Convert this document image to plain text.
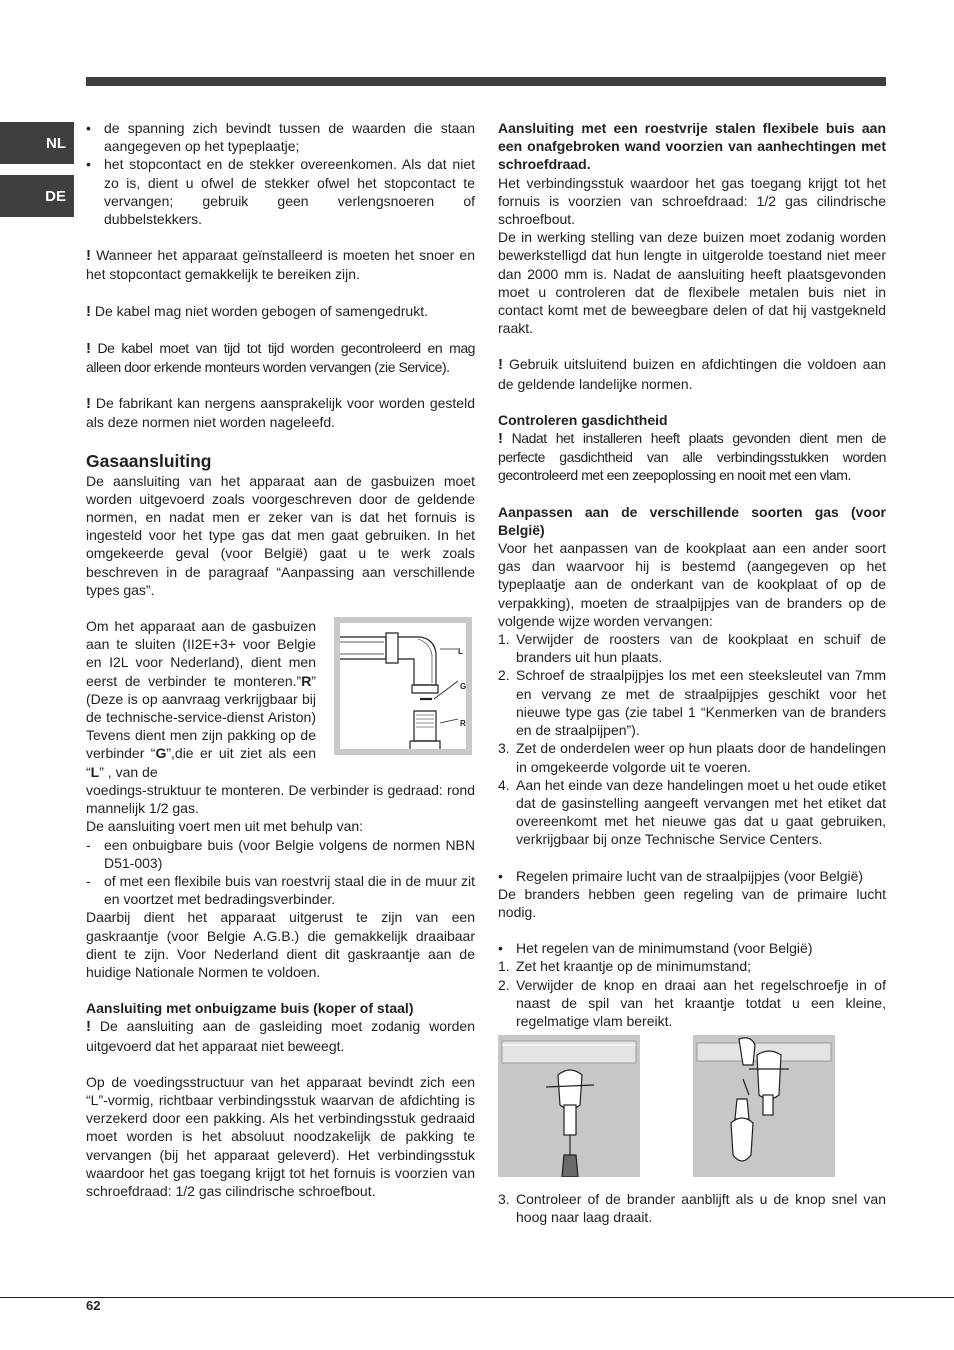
NL
DE
• de spanning zich bevindt tussen de waarden die staan aangegeven op het typeplaatje;
• het stopcontact en de stekker overeenkomen. Als dat niet zo is, dient u ofwel de stekker ofwel het stopcontact te vervangen; gebruik geen verlengsnoeren of dubbelstekkers.

! Wanneer het apparaat geïnstalleerd is moeten het snoer en het stopcontact gemakkelijk te bereiken zijn.

! De kabel mag niet worden gebogen of samengedrukt.

! De kabel moet van tijd tot tijd worden gecontroleerd en mag alleen door erkende monteurs worden vervangen (zie Service).

! De fabrikant kan nergens aansprakelijk voor worden gesteld als deze normen niet worden nageleefd.

Gasaansluiting

De aansluiting van het apparaat aan de gasbuizen moet worden uitgevoerd zoals voorgeschreven door de geldende normen, en nadat men er zeker van is dat het fornuis is ingesteld voor het type gas dat men gaat gebruiken. In het omgekeerde geval (voor België) gaat u te werk zoals beschreven in de paragraaf “Aanpassing aan verschillende types gas”.

Om het apparaat aan de gasbuizen aan te sluiten (II2E+3+ voor Belgie en I2L voor Nederland), dient men eerst de verbinder te monteren.”R” (Deze is op aanvraag verkrijgbaar bij de technische-service-dienst Ariston) Tevens dient men zijn pakking op de verbinder “G”,die er uit ziet als een “L” , van de
L
G
R

voedings-struktuur te monteren. De verbinder is gedraad: rond mannelijk 1/2 gas.

De aansluiting voert men uit met behulp van:

- een onbuigbare buis (voor Belgie volgens de normen NBN D51-003)
- of met een flexibile buis van roestvrij staal die in de muur zit en voortzet met bedradingsverbinder.

Daarbij dient het apparaat uitgerust te zijn van een gaskraantje (voor Belgie A.G.B.) die gemakkelijk draaibaar dient te zijn. Voor Nederland dient dit gaskraantje aan de huidige Nationale Normen te voldoen.

Aansluiting met onbuigzame buis (koper of staal)

! De aansluiting aan de gasleiding moet zodanig worden uitgevoerd dat het apparaat niet beweegt.

Op de voedingsstructuur van het apparaat bevindt zich een “L”-vormig, richtbaar verbindingsstuk waarvan de afdichting is verzekerd door een pakking. Als het verbindingsstuk gedraaid moet worden is het absoluut noodzakelijk de pakking te vervangen (bij het apparaat geleverd). Het verbindingsstuk waardoor het gas toegang krijgt tot het fornuis is voorzien van schroefdraad: 1/2 gas cilindrische schroefbout.

Aansluiting met een roestvrije stalen flexibele buis aan een onafgebroken wand voorzien van aanhechtingen met schroefdraad.

Het verbindingsstuk waardoor het gas toegang krijgt tot het fornuis is voorzien van schroefdraad: 1/2 gas cilindrische schroefbout.

De in werking stelling van deze buizen moet zodanig worden bewerkstelligd dat hun lengte in uitgerolde toestand niet meer dan 2000 mm is. Nadat de aansluiting heeft plaatsgevonden moet u controleren dat de flexibele metalen buis niet in contact komt met de beweegbare delen of dat hij vastgekneld raakt.

! Gebruik uitsluitend buizen en afdichtingen die voldoen aan de geldende landelijke normen.

Controleren gasdichtheid

! Nadat het installeren heeft plaats gevonden dient men de perfecte gasdichtheid van alle verbindingsstukken worden gecontroleerd met een zeepoplossing en nooit met een vlam.

Aanpassen aan de verschillende soorten gas (voor België)

Voor het aanpassen van de kookplaat aan een ander soort gas dan waarvoor hij is bestemd (aangegeven op het typeplaatje aan de onderkant van de kookplaat of op de verpakking), moeten de straalpijpjes van de branders op de volgende wijze worden vervangen:

1. Verwijder de roosters van de kookplaat en schuif de branders uit hun plaats.
2. Schroef de straalpijpjes los met een steeksleutel van 7mm en vervang ze met de straalpijpjes geschikt voor het nieuwe type gas (zie tabel 1 “Kenmerken van de branders en de straalpijpen”).
3. Zet de onderdelen weer op hun plaats door de handelingen in omgekeerde volgorde uit te voeren.
4. Aan het einde van deze handelingen moet u het oude etiket dat de gasinstelling aangeeft vervangen met het etiket dat overeenkomt met het nieuwe gas dat u gaat gebruiken, verkrijgbaar bij onze Technische Service Centers.
• Regelen primaire lucht van de straalpijpjes (voor België)

De branders hebben geen regeling van de primaire lucht nodig.

• Het regelen van de minimumstand (voor België)
1. Zet het kraantje op de minimumstand;
2. Verwijder de knop en draai aan het regelschroefje in of naast de spil van het kraantje totdat u een kleine, regelmatige vlam bereikt.
3. Controleer of de brander aanblijft als u de knop snel van hoog naar laag draait.
62
